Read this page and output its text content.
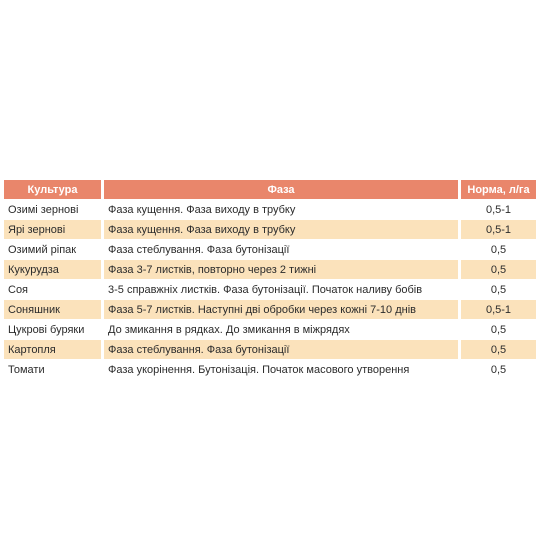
Культура	Фаза	Норма, л/га
Озимі зернові	Фаза кущення. Фаза виходу в трубку	0,5-1
Ярі зернові	Фаза кущення. Фаза виходу в трубку	0,5-1
Озимий ріпак	Фаза стеблування. Фаза бутонізації	0,5
Кукурудза	Фаза 3-7 листків, повторно через 2 тижні	0,5
Соя	3-5 справжніх листків. Фаза бутонізації. Початок наливу бобів	0,5
Соняшник	Фаза 5-7 листків. Наступні дві обробки через кожні 7-10 днів	0,5-1
Цукрові буряки	До змикання в рядках. До змикання в міжрядях	0,5
Картопля	Фаза стеблування. Фаза бутонізації	0,5
Томати	Фаза укорінення. Бутонізація. Початок масового утворення	0,5
